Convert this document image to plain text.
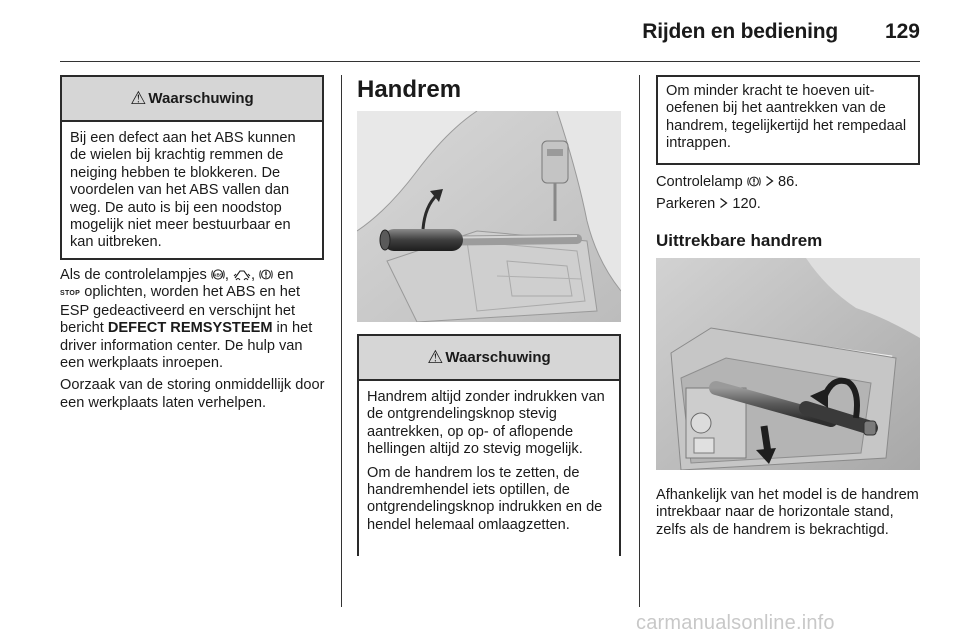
Rijden en bediening 129
⚠ Waarschuwing

Bij een defect aan het ABS kunnen de wielen bij krachtig remmen de neiging hebben te blokkeren. De voordelen van het ABS vallen dan weg. De auto is bij een noodstop mogelijk niet meer bestuurbaar en kan uitbreken.

Als de controlelampjes ABS , , en
STOP oplichten, worden het ABS en het ESP gedeactiveerd en verschijnt het bericht DEFECT REMSYSTEEM in het driver information center. De hulp van een werkplaats inroepen.

Oorzaak van de storing onmiddellijk door een werkplaats laten verhelpen.

Handrem
⚠ Waarschuwing

Handrem altijd zonder indrukken van de ontgrendelingsknop stevig aantrekken, op op- of aflopende hellingen altijd zo stevig mogelijk.

Om de handrem los te zetten, de handremhendel iets optillen, de ontgrendelingsknop indrukken en de hendel helemaal omlaagzetten.

Om minder kracht te hoeven uitoefenen bij het aantrekken van de handrem, tegelijkertijd het rempedaal intrappen.

Controlelamp 86.

Parkeren 120.

Uittrekbare handrem

Afhankelijk van het model is de handrem intrekbaar naar de horizontale stand, zelfs als de handrem is bekrachtigd.

carmanualsonline.info
